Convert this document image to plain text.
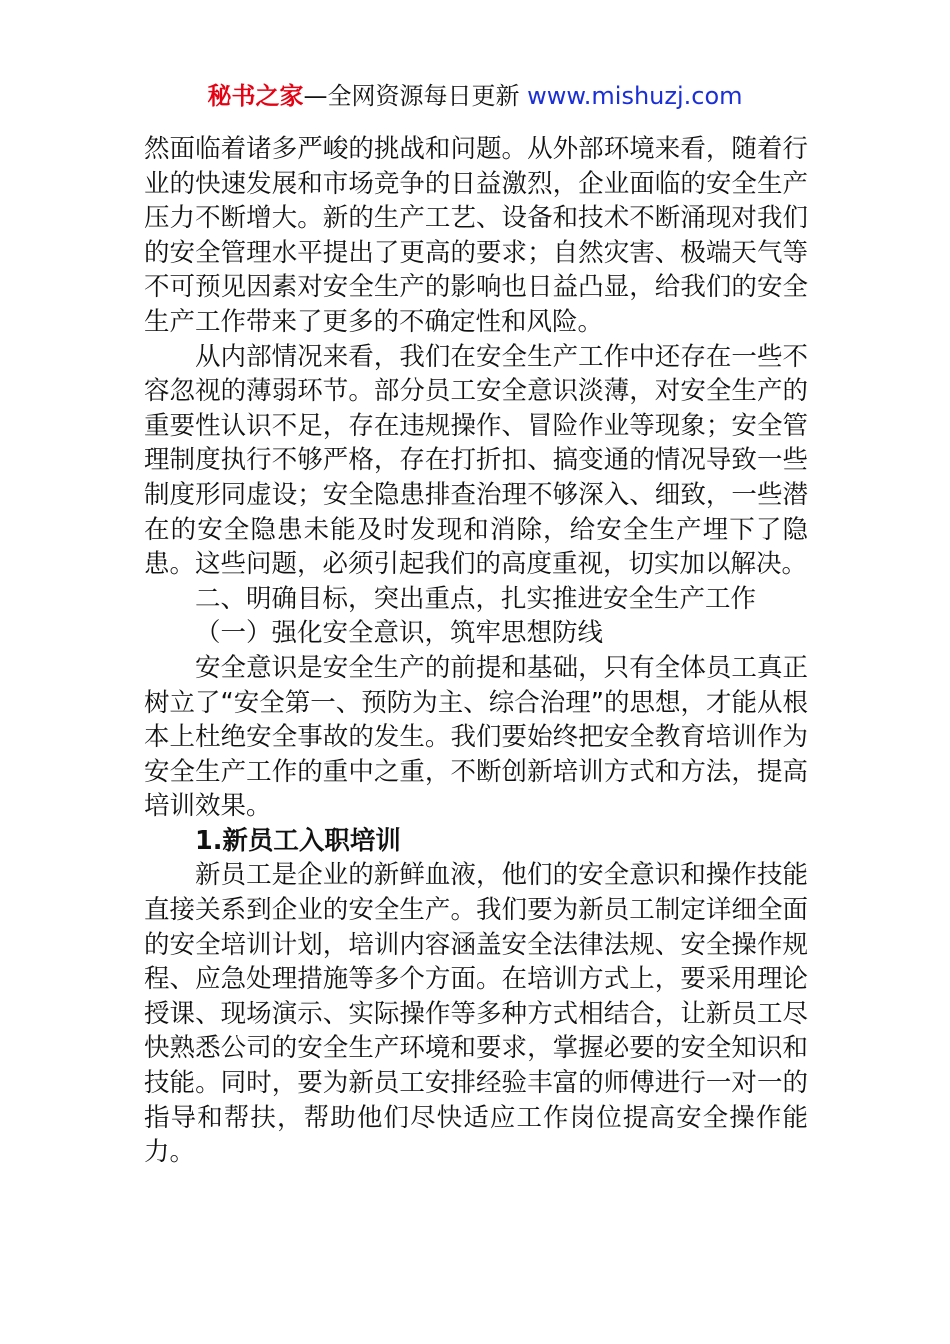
秘书之家—全网资源每日更新 www.mishuzj.com

然面临着诸多严峻的挑战和问题。从外部环境来看，随着行业的快速发展和市场竞争的日益激烈，企业面临的安全生产压力不断增大。新的生产工艺、设备和技术不断涌现对我们的安全管理水平提出了更高的要求；自然灾害、极端天气等不可预见因素对安全生产的影响也日益凸显，给我们的安全生产工作带来了更多的不确定性和风险。

从内部情况来看，我们在安全生产工作中还存在一些不容忽视的薄弱环节。部分员工安全意识淡薄，对安全生产的重要性认识不足，存在违规操作、冒险作业等现象；安全管理制度执行不够严格，存在打折扣、搞变通的情况导致一些制度形同虚设；安全隐患排查治理不够深入、细致，一些潜在的安全隐患未能及时发现和消除，给安全生产埋下了隐患。这些问题，必须引起我们的高度重视，切实加以解决。

二、明确目标，突出重点，扎实推进安全生产工作

（一）强化安全意识，筑牢思想防线

安全意识是安全生产的前提和基础，只有全体员工真正树立了“安全第一、预防为主、综合治理”的思想，才能从根本上杜绝安全事故的发生。我们要始终把安全教育培训作为安全生产工作的重中之重，不断创新培训方式和方法，提高培训效果。

1.新员工入职培训

新员工是企业的新鲜血液，他们的安全意识和操作技能直接关系到企业的安全生产。我们要为新员工制定详细全面的安全培训计划，培训内容涵盖安全法律法规、安全操作规程、应急处理措施等多个方面。在培训方式上，要采用理论授课、现场演示、实际操作等多种方式相结合，让新员工尽快熟悉公司的安全生产环境和要求，掌握必要的安全知识和技能。同时，要为新员工安排经验丰富的师傅进行一对一的指导和帮扶，帮助他们尽快适应工作岗位提高安全操作能力。
